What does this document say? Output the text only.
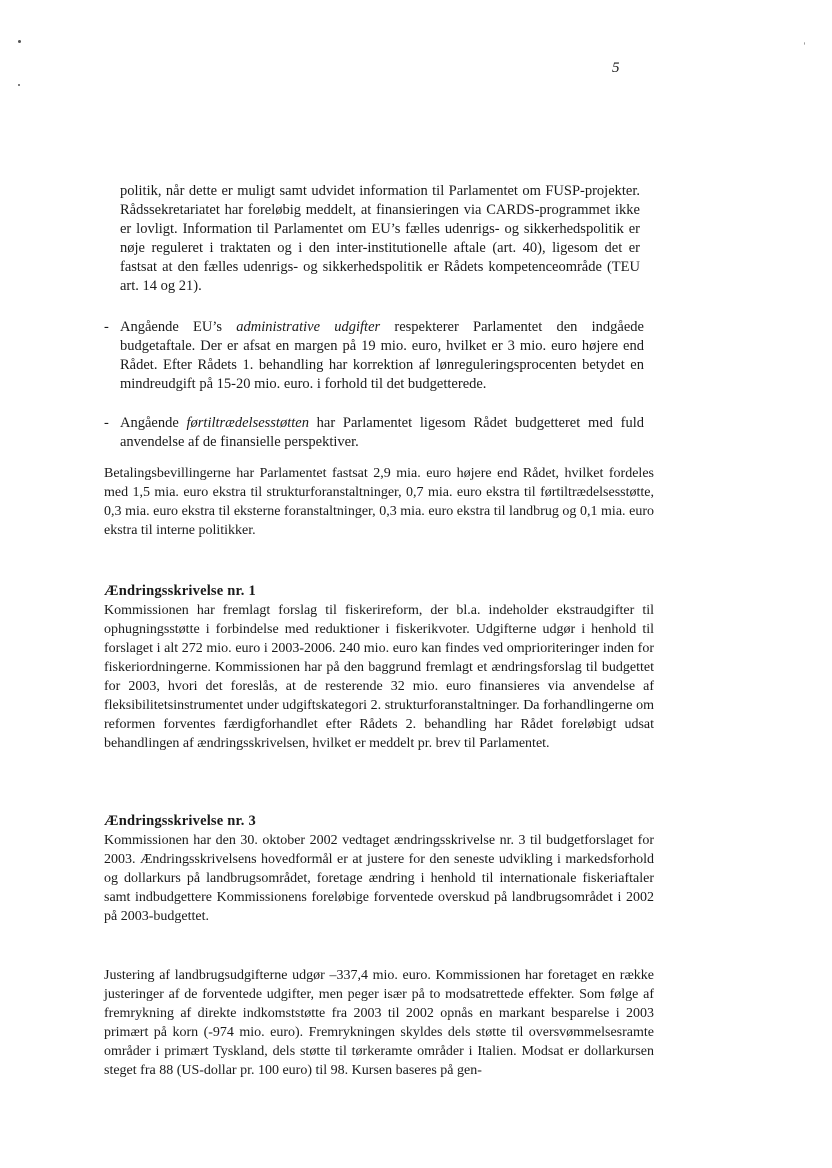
5

politik, når dette er muligt samt udvidet information til Parlamentet om FUSP-projekter. Rådssekretariatet har foreløbig meddelt, at finansieringen via CARDS-programmet ikke er lovligt. Information til Parlamentet om EU’s fælles udenrigs- og sikkerhedspolitik er nøje reguleret i traktaten og i den inter-institutionelle aftale (art. 40), ligesom det er fastsat at den fælles udenrigs- og sikkerhedspolitik er Rådets kompetenceområde (TEU art. 14 og 21).

- Angående EU’s administrative udgifter respekterer Parlamentet den indgåede budgetaftale. Der er afsat en margen på 19 mio. euro, hvilket er 3 mio. euro højere end Rådet. Efter Rådets 1. behandling har korrektion af lønreguleringsprocenten betydet en mindreudgift på 15-20 mio. euro. i forhold til det budgetterede.
- Angående førtiltrædelsesstøtten har Parlamentet ligesom Rådet budgetteret med fuld anvendelse af de finansielle perspektiver.

Betalingsbevillingerne har Parlamentet fastsat 2,9 mia. euro højere end Rådet, hvilket fordeles med 1,5 mia. euro ekstra til strukturforanstaltninger, 0,7 mia. euro ekstra til førtiltrædelsesstøtte, 0,3 mia. euro ekstra til eksterne foranstaltninger, 0,3 mia. euro ekstra til landbrug og 0,1 mia. euro ekstra til interne politikker.

Ændringsskrivelse nr. 1

Kommissionen har fremlagt forslag til fiskerireform, der bl.a. indeholder ekstraudgifter til ophugningsstøtte i forbindelse med reduktioner i fiskerikvoter. Udgifterne udgør i henhold til forslaget i alt 272 mio. euro i 2003-2006. 240 mio. euro kan findes ved omprioriteringer inden for fiskeriordningerne. Kommissionen har på den baggrund fremlagt et ændringsforslag til budgettet for 2003, hvori det foreslås, at de resterende 32 mio. euro finansieres via anvendelse af fleksibilitetsinstrumentet under udgiftskategori 2. strukturforanstaltninger. Da forhandlingerne om reformen forventes færdigforhandlet efter Rådets 2. behandling har Rådet foreløbigt udsat behandlingen af ændringsskrivelsen, hvilket er meddelt pr. brev til Parlamentet.

Ændringsskrivelse nr. 3

Kommissionen har den 30. oktober 2002 vedtaget ændringsskrivelse nr. 3 til budgetforslaget for 2003. Ændringsskrivelsens hovedformål er at justere for den seneste udvikling i markedsforhold og dollarkurs på landbrugsområdet, foretage ændring i henhold til internationale fiskeriaftaler samt indbudgettere Kommissionens foreløbige forventede overskud på landbrugsområdet i 2002 på 2003-budgettet.

Justering af landbrugsudgifterne udgør –337,4 mio. euro. Kommissionen har foretaget en række justeringer af de forventede udgifter, men peger især på to modsatrettede effekter. Som følge af fremrykning af direkte indkomststøtte fra 2003 til 2002 opnås en markant besparelse i 2003 primært på korn (-974 mio. euro). Fremrykningen skyldes dels støtte til oversvømmelsesramte områder i primært Tyskland, dels støtte til tørkeramte områder i Italien. Modsat er dollarkursen steget fra 88 (US-dollar pr. 100 euro) til 98. Kursen baseres på gen-
